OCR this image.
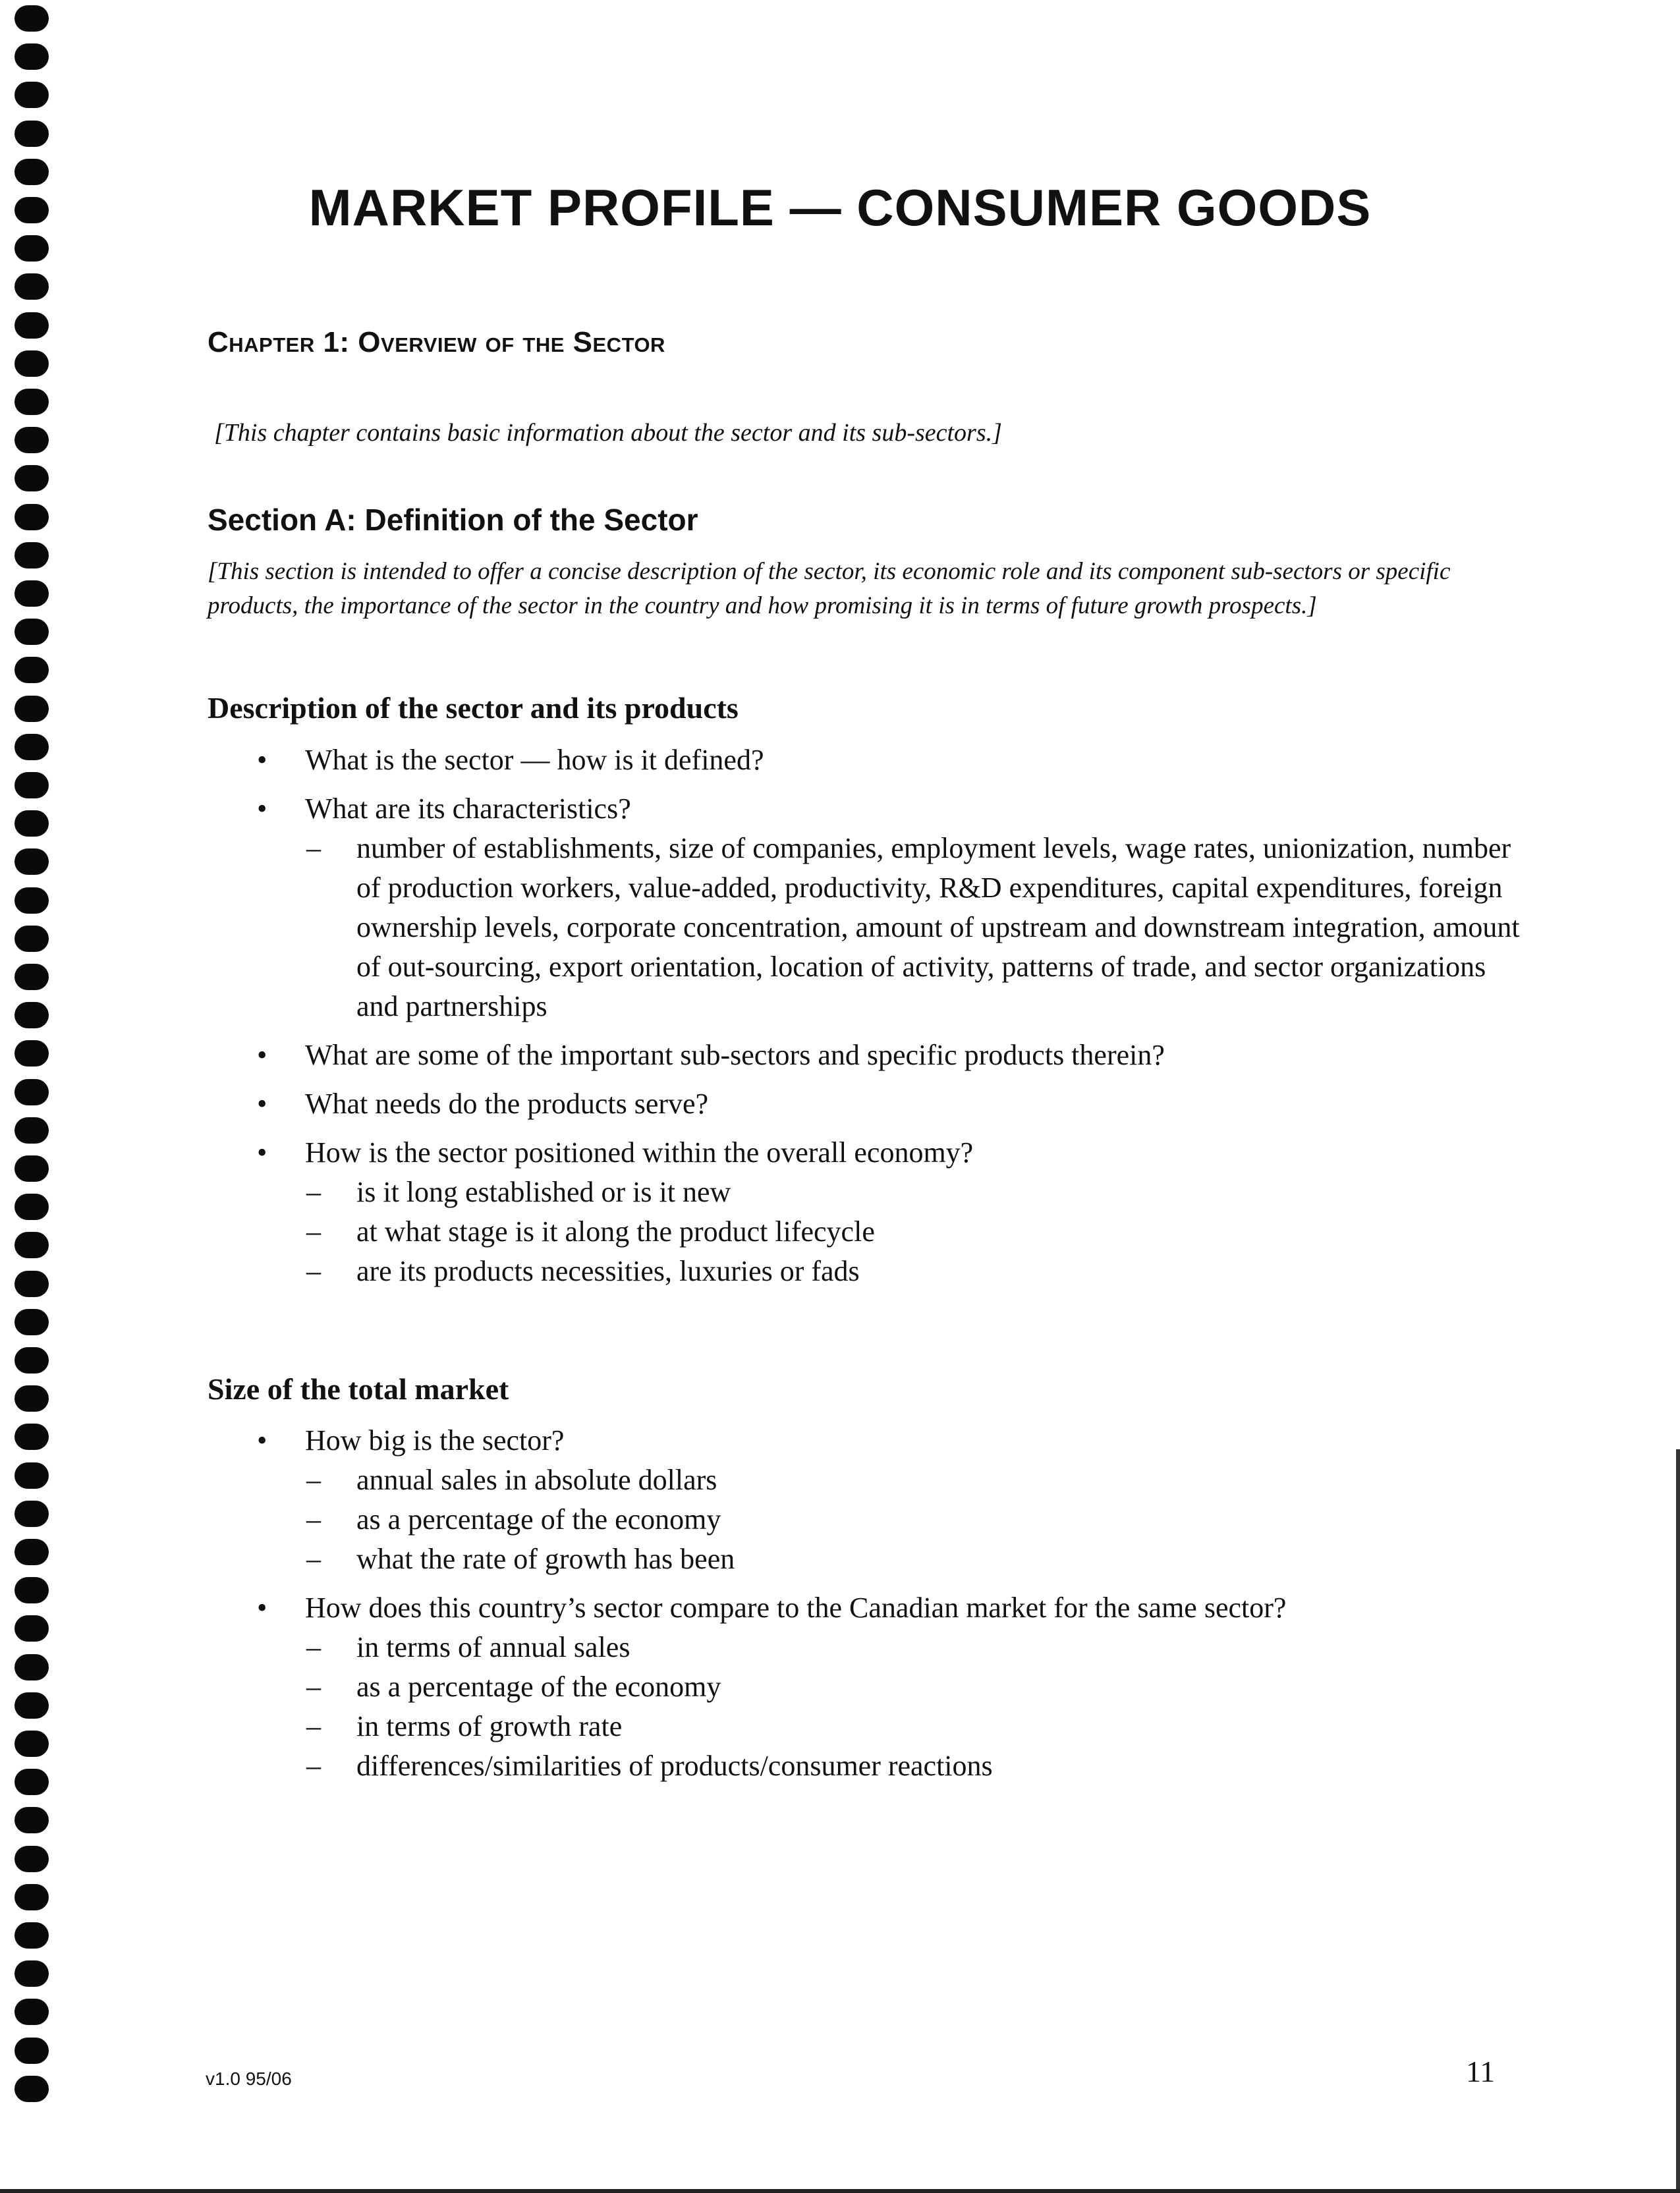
MARKET PROFILE — CONSUMER GOODS
Chapter 1: Overview of the Sector

[This chapter contains basic information about the sector and its sub-sectors.]

Section A: Definition of the Sector

[This section is intended to offer a concise description of the sector, its economic role and its component sub-sectors or specific products, the importance of the sector in the country and how promising it is in terms of future growth prospects.]

Description of the sector and its products
• What is the sector — how is it defined?
• What are its characteristics?
– number of establishments, size of companies, employment levels, wage rates, unionization, number of production workers, value-added, productivity, R&D expenditures, capital expenditures, foreign ownership levels, corporate concentration, amount of upstream and downstream integration, amount of out-sourcing, export orientation, location of activity, patterns of trade, and sector organizations and partnerships
• What are some of the important sub-sectors and specific products therein?
• What needs do the products serve?
• How is the sector positioned within the overall economy?
– is it long established or is it new
– at what stage is it along the product lifecycle
– are its products necessities, luxuries or fads
Size of the total market
• How big is the sector?
– annual sales in absolute dollars
– as a percentage of the economy
– what the rate of growth has been
• How does this country’s sector compare to the Canadian market for the same sector?
– in terms of annual sales
– as a percentage of the economy
– in terms of growth rate
– differences/similarities of products/consumer reactions

v1.0 95/06	11
